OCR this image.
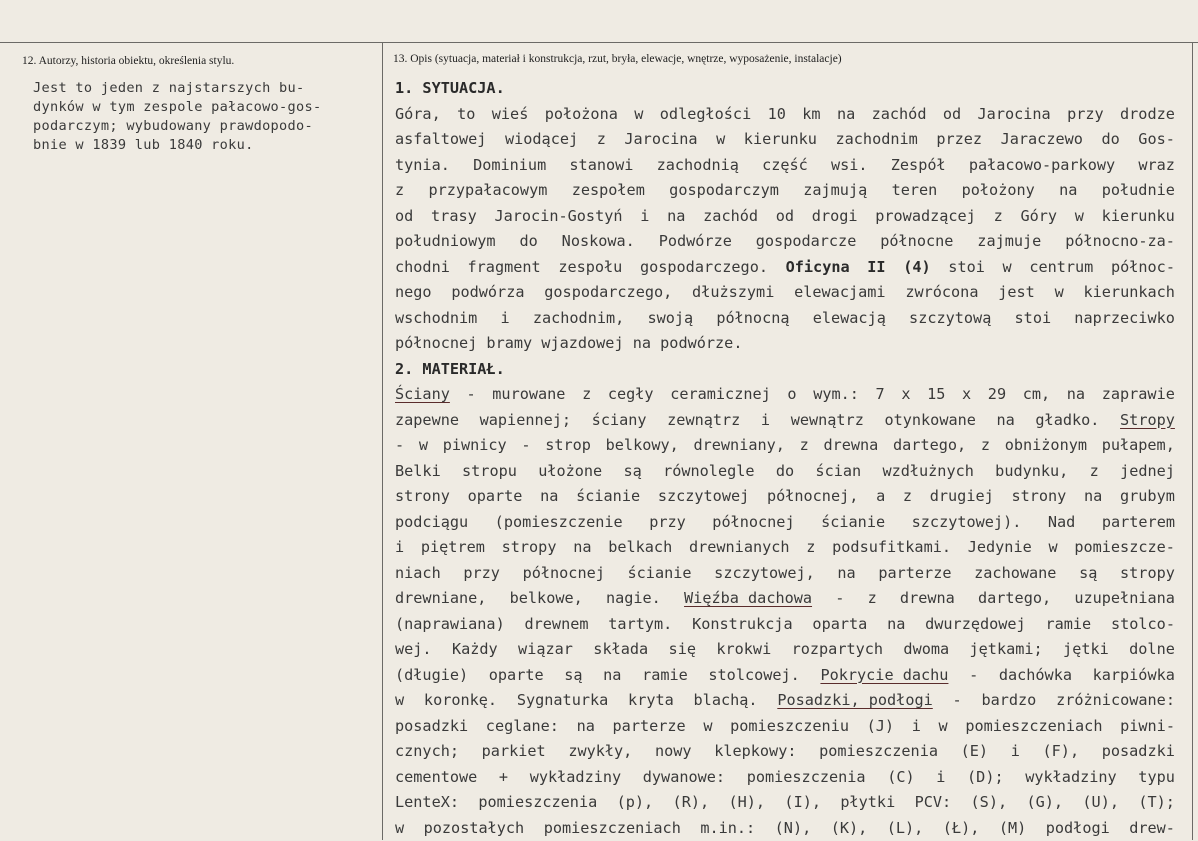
12. Autorzy, historia obiektu, określenia stylu.
Jest to jeden z najstarszych bu-
dynków w tym zespole pałacowo-gos-
podarczym; wybudowany prawdopodo-
bnie w 1839 lub 1840 roku.
13. Opis (sytuacja, materiał i konstrukcja, rzut, bryła, elewacje, wnętrze, wyposażenie, instalacje)
1. SYTUACJA.
Góra, to wieś położona w odległości 10 km na zachód od Jarocina przy drodze
asfaltowej wiodącej z Jarocina w kierunku zachodnim przez Jaraczewo do Gos-
tynia. Dominium stanowi zachodnią część wsi. Zespół pałacowo-parkowy wraz
z przypałacowym zespołem gospodarczym zajmują teren położony na południe
od trasy Jarocin-Gostyń i na zachód od drogi prowadzącej z Góry w kierunku
południowym do Noskowa. Podwórze gospodarcze północne zajmuje północno-za-
chodni fragment zespołu gospodarczego. Oficyna II (4) stoi w centrum północ-
nego podwórza gospodarczego, dłuższymi elewacjami zwrócona jest w kierunkach
wschodnim i zachodnim, swoją północną elewacją szczytową stoi naprzeciwko
północnej bramy wjazdowej na podwórze.
2. MATERIAŁ.
Ściany - murowane z cegły ceramicznej o wym.: 7 x 15 x 29 cm, na zaprawie
zapewne wapiennej; ściany zewnątrz i wewnątrz otynkowane na gładko. Stropy
- w piwnicy - strop belkowy, drewniany, z drewna dartego, z obniżonym pułapem,
Belki stropu ułożone są równolegle do ścian wzdłużnych budynku, z jednej
strony oparte na ścianie szczytowej północnej, a z drugiej strony na grubym
podciągu (pomieszczenie przy północnej ścianie szczytowej). Nad parterem
i piętrem stropy na belkach drewnianych z podsufitkami. Jedynie w pomieszcze-
niach przy północnej ścianie szczytowej, na parterze zachowane są stropy
drewniane, belkowe, nagie. Więźba dachowa - z drewna dartego, uzupełniana
(naprawiana) drewnem tartym. Konstrukcja oparta na dwurzędowej ramie stolco-
wej. Każdy wiązar składa się krokwi rozpartych dwoma jętkami; jętki dolne
(długie) oparte są na ramie stolcowej. Pokrycie dachu - dachówka karpiówka
w koronkę. Sygnaturka kryta blachą. Posadzki, podłogi - bardzo zróżnicowane:
posadzki ceglane: na parterze w pomieszczeniu (J) i w pomieszczeniach piwni-
cznych; parkiet zwykły, nowy klepkowy: pomieszczenia (E) i (F), posadzki
cementowe + wykładziny dywanowe: pomieszczenia (C) i (D); wykładziny typu
LenteX: pomieszczenia (p), (R), (H), (I), płytki PCV: (S), (G), (U), (T);
w pozostałych pomieszczeniach m.in.: (N), (K), (L), (Ł), (M) podłogi drew-
